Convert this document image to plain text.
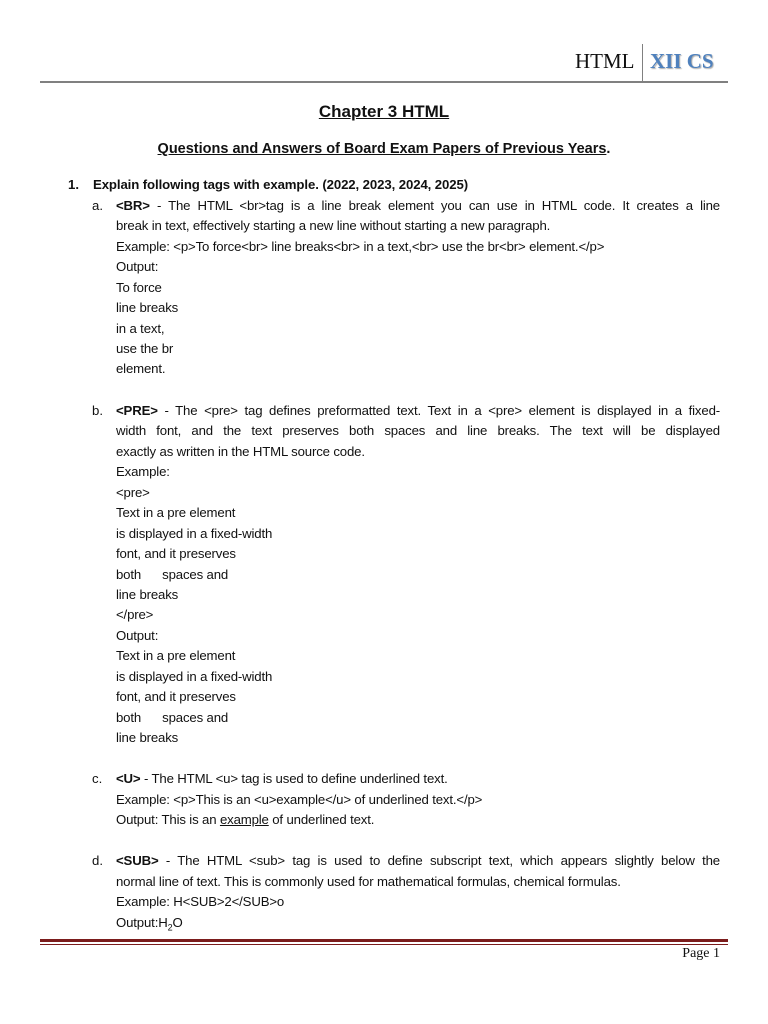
HTML XII CS
Chapter 3 HTML
Questions and Answers of Board Exam Papers of Previous Years.
1. Explain following tags with example. (2022, 2023, 2024, 2025)
a. <BR> - The HTML <br>tag is a line break element you can use in HTML code. It creates a line
break in text, effectively starting a new line without starting a new paragraph.
Example: <p>To force<br> line breaks<br> in a text,<br> use the br<br> element.</p>
Output:
To force
line breaks
in a text,
use the br
element.
b. <PRE> - The <pre> tag defines preformatted text. Text in a <pre> element is displayed in a fixed-
width font, and the text preserves both spaces and line breaks. The text will be displayed
exactly as written in the HTML source code.
Example:
<pre>
Text in a pre element
is displayed in a fixed-width
font, and it preserves
both      spaces and
line breaks
</pre>
Output:
Text in a pre element
is displayed in a fixed-width
font, and it preserves
both      spaces and
line breaks
c. <U> - The HTML <u> tag is used to define underlined text.
Example: <p>This is an <u>example</u> of underlined text.</p>
Output: This is an example of underlined text.
d. <SUB> - The HTML <sub> tag is used to define subscript text, which appears slightly below the
normal line of text. This is commonly used for mathematical formulas, chemical formulas.
Example: H<SUB>2</SUB>o
$Output:H_2O$
Page 1
